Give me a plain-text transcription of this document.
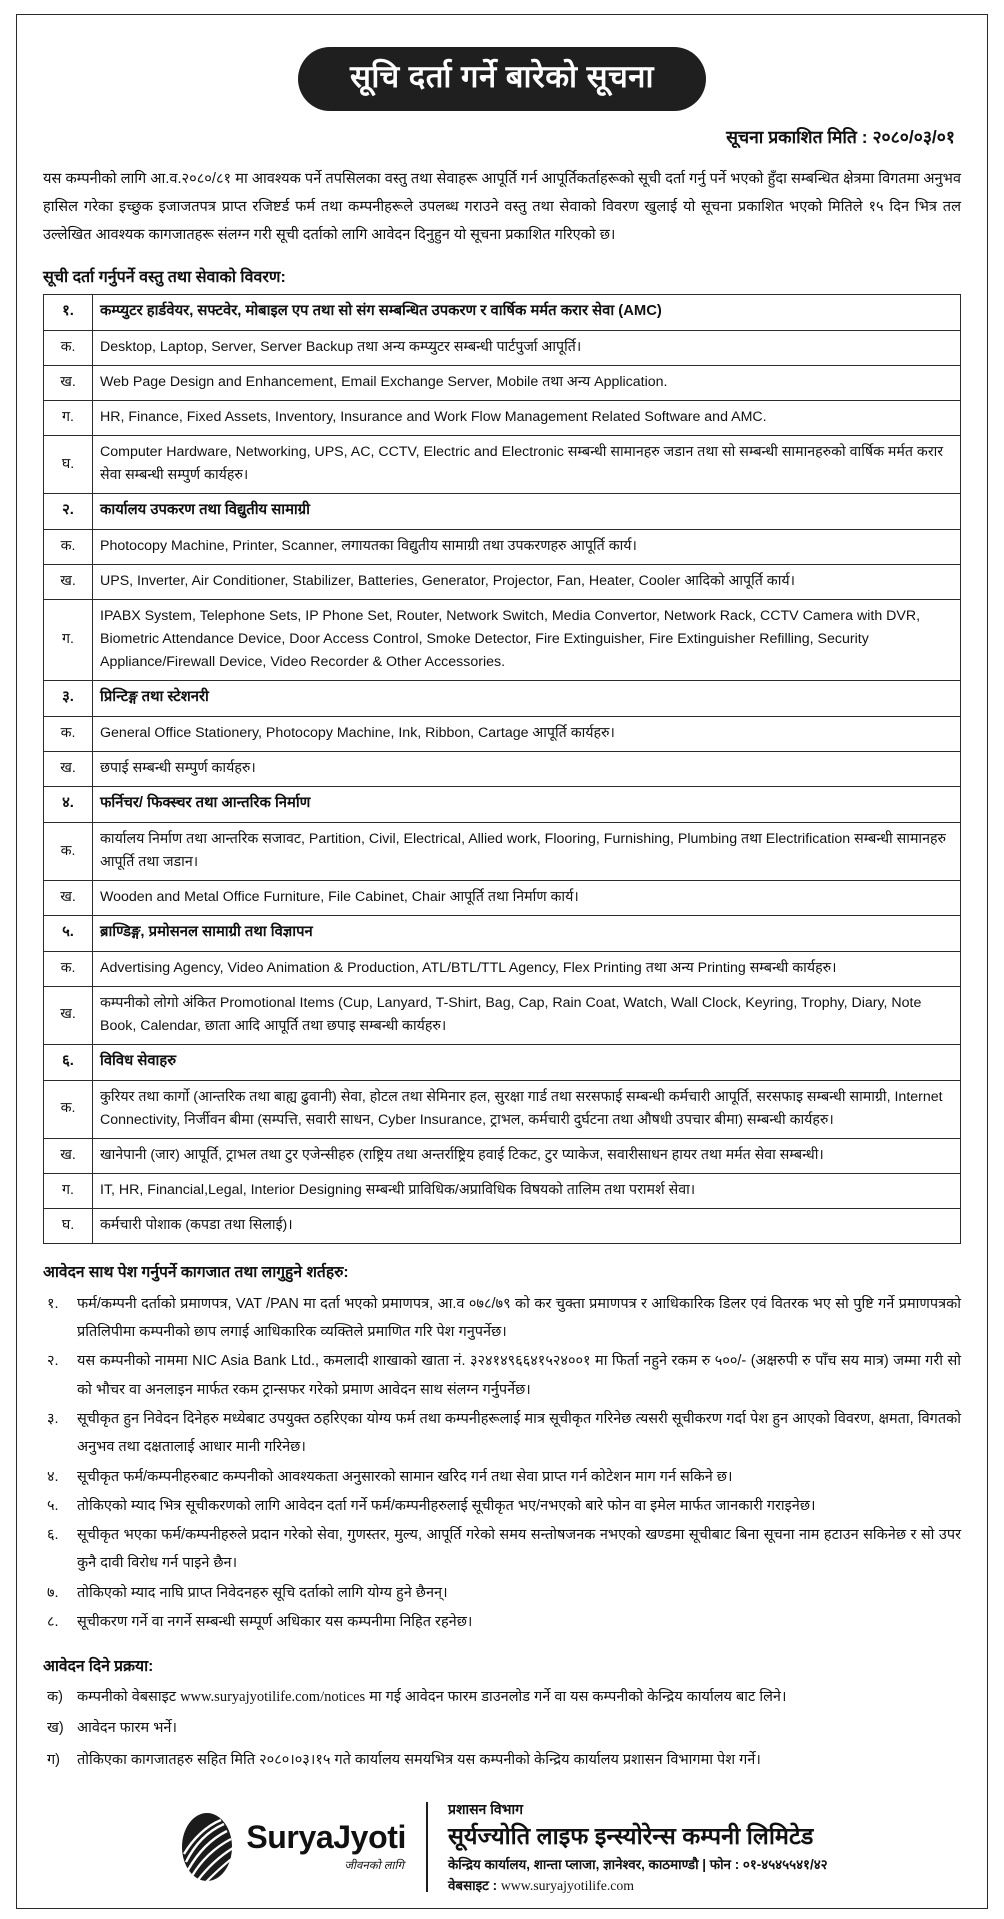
सूचि दर्ता गर्ने बारेको सूचना
सूचना प्रकाशित मिति : २०८०/०३/०१

यस कम्पनीको लागि आ.व.२०८०/८१ मा आवश्यक पर्ने तपसिलका वस्तु तथा सेवाहरू आपूर्ति गर्न आपूर्तिकर्ताहरूको सूची दर्ता गर्नु पर्ने भएको हुँदा सम्बन्धित क्षेत्रमा विगतमा अनुभव हासिल गरेका इच्छुक इजाजतपत्र प्राप्त रजिष्टर्ड फर्म तथा कम्पनीहरूले उपलब्ध गराउने वस्तु तथा सेवाको विवरण खुलाई यो सूचना प्रकाशित भएको मितिले १५ दिन भित्र तल उल्लेखित आवश्यक कागजातहरू संलग्न गरी सूची दर्ताको लागि आवेदन दिनुहुन यो सूचना प्रकाशित गरिएको छ।

सूची दर्ता गर्नुपर्ने वस्तु तथा सेवाको विवरण:
१.	कम्प्युटर हार्डवेयर, सफ्टवेर, मोबाइल एप तथा सो संग सम्बन्धित उपकरण र वार्षिक मर्मत करार सेवा (AMC)
क.	Desktop, Laptop, Server, Server Backup तथा अन्य कम्प्युटर सम्बन्धी पार्टपुर्जा आपूर्ति।
ख.	Web Page Design and Enhancement, Email Exchange Server, Mobile तथा अन्य Application.
ग.	HR, Finance, Fixed Assets, Inventory, Insurance and Work Flow Management Related Software and AMC.
घ.	Computer Hardware, Networking, UPS, AC, CCTV, Electric and Electronic सम्बन्धी सामानहरु जडान तथा सो सम्बन्धी सामानहरुको वार्षिक मर्मत करार सेवा सम्बन्धी सम्पुर्ण कार्यहरु।
२.	कार्यालय उपकरण तथा विद्युतीय सामाग्री
क.	Photocopy Machine, Printer, Scanner, लगायतका विद्युतीय सामाग्री तथा उपकरणहरु आपूर्ति कार्य।
ख.	UPS, Inverter, Air Conditioner, Stabilizer, Batteries, Generator, Projector, Fan, Heater, Cooler आदिको आपूर्ति कार्य।
ग.	IPABX System, Telephone Sets, IP Phone Set, Router, Network Switch, Media Convertor, Network Rack, CCTV Camera with DVR, Biometric Attendance Device, Door Access Control, Smoke Detector, Fire Extinguisher, Fire Extinguisher Refilling, Security Appliance/Firewall Device, Video Recorder & Other Accessories.
३.	प्रिन्टिङ्ग तथा स्टेशनरी
क.	General Office Stationery, Photocopy Machine, Ink, Ribbon, Cartage आपूर्ति कार्यहरु।
ख.	छपाई सम्बन्धी सम्पुर्ण कार्यहरु।
४.	फर्निचर/ फिक्स्चर तथा आन्तरिक निर्माण
क.	कार्यालय निर्माण तथा आन्तरिक सजावट, Partition, Civil, Electrical, Allied work, Flooring, Furnishing, Plumbing तथा Electrification सम्बन्धी सामानहरु आपूर्ति तथा जडान।
ख.	Wooden and Metal Office Furniture, File Cabinet, Chair आपूर्ति तथा निर्माण कार्य।
५.	ब्राण्डिङ्ग, प्रमोसनल सामाग्री तथा विज्ञापन
क.	Advertising Agency, Video Animation & Production, ATL/BTL/TTL Agency, Flex Printing तथा अन्य Printing सम्बन्धी कार्यहरु।
ख.	कम्पनीको लोगो अंकित Promotional Items (Cup, Lanyard, T-Shirt, Bag, Cap, Rain Coat, Watch, Wall Clock, Keyring, Trophy, Diary, Note Book, Calendar, छाता आदि आपूर्ति तथा छपाइ सम्बन्धी कार्यहरु।
६.	विविध सेवाहरु
क.	कुरियर तथा कार्गो (आन्तरिक तथा बाह्य ढुवानी) सेवा, होटल तथा सेमिनार हल, सुरक्षा गार्ड तथा सरसफाई सम्बन्धी कर्मचारी आपूर्ति, सरसफाइ सम्बन्धी सामाग्री, Internet Connectivity, निर्जीवन बीमा (सम्पत्ति, सवारी साधन, Cyber Insurance, ट्राभल, कर्मचारी दुर्घटना तथा औषधी उपचार बीमा) सम्बन्धी कार्यहरु।
ख.	खानेपानी (जार) आपूर्ति, ट्राभल तथा टुर एजेन्सीहरु (राष्ट्रिय तथा अन्तर्राष्ट्रिय हवाई टिकट, टुर प्याकेज, सवारीसाधन हायर तथा मर्मत सेवा सम्बन्धी।
ग.	IT, HR, Financial,Legal, Interior Designing सम्बन्धी प्राविधिक/अप्राविधिक विषयको तालिम तथा परामर्श सेवा।
घ.	कर्मचारी पोशाक (कपडा तथा सिलाई)।
आवेदन साथ पेश गर्नुपर्ने कागजात तथा लागुहुने शर्तहरु:
१.	फर्म/कम्पनी दर्ताको प्रमाणपत्र, VAT /PAN मा दर्ता भएको प्रमाणपत्र, आ.व ०७८/७९ को कर चुक्ता प्रमाणपत्र र आधिकारिक डिलर एवं वितरक भए सो पुष्टि गर्ने प्रमाणपत्रको प्रतिलिपीमा कम्पनीको छाप लगाई आधिकारिक व्यक्तिले प्रमाणित गरि पेश गनुपर्नेछ।
२.	यस कम्पनीको नाममा NIC Asia Bank Ltd., कमलादी शाखाको खाता नं. ३२४१४९६६४१५२४००१ मा फिर्ता नहुने रकम रु ५००/- (अक्षरुपी रु पाँच सय मात्र) जम्मा गरी सो को भौचर वा अनलाइन मार्फत रकम ट्रान्सफर गरेको प्रमाण आवेदन साथ संलग्न गर्नुपर्नेछ।
३.	सूचीकृत हुन निवेदन दिनेहरु मध्येबाट उपयुक्त ठहरिएका योग्य फर्म तथा कम्पनीहरूलाई मात्र सूचीकृत गरिनेछ त्यसरी सूचीकरण गर्दा पेश हुन आएको विवरण, क्षमता, विगतको अनुभव तथा दक्षतालाई आधार मानी गरिनेछ।
४.	सूचीकृत फर्म/कम्पनीहरुबाट कम्पनीको आवश्यकता अनुसारको सामान खरिद गर्न तथा सेवा प्राप्त गर्न कोटेशन माग गर्न सकिने छ।
५.	तोकिएको म्याद भित्र सूचीकरणको लागि आवेदन दर्ता गर्ने फर्म/कम्पनीहरुलाई सूचीकृत भए/नभएको बारे फोन वा इमेल मार्फत जानकारी गराइनेछ।
६.	सूचीकृत भएका फर्म/कम्पनीहरुले प्रदान गरेको सेवा, गुणस्तर, मुल्य, आपूर्ति गरेको समय सन्तोषजनक नभएको खण्डमा सूचीबाट बिना सूचना नाम हटाउन सकिनेछ र सो उपर कुनै दावी विरोध गर्न पाइने छैन।
७.	तोकिएको म्याद नाघि प्राप्त निवेदनहरु सूचि दर्ताको लागि योग्य हुने छैनन्।
८.	सूचीकरण गर्ने वा नगर्ने सम्बन्धी सम्पूर्ण अधिकार यस कम्पनीमा निहित रहनेछ।
आवेदन दिने प्रक्रया:
क) कम्पनीको वेबसाइट www.suryajyotilife.com/notices मा गई आवेदन फारम डाउनलोड गर्ने वा यस कम्पनीको केन्द्रिय कार्यालय बाट लिने।
ख) आवेदन फारम भर्ने।
ग)	तोकिएका कागजातहरु सहित मिति २०८०।०३।१५ गते कार्यालय समयभित्र यस कम्पनीको केन्द्रिय कार्यालय प्रशासन विभागमा पेश गर्ने।
SuryaJyoti
जीवनको लागि
प्रशासन विभाग
सूर्यज्योति लाइफ इन्स्योरेन्स कम्पनी लिमिटेड
केन्द्रिय कार्यालय, शान्ता प्लाजा, ज्ञानेश्वर, काठमाण्डौ | फोन : ०१-४५४५५४१/४२
वेबसाइट : www.suryajyotilife.com
